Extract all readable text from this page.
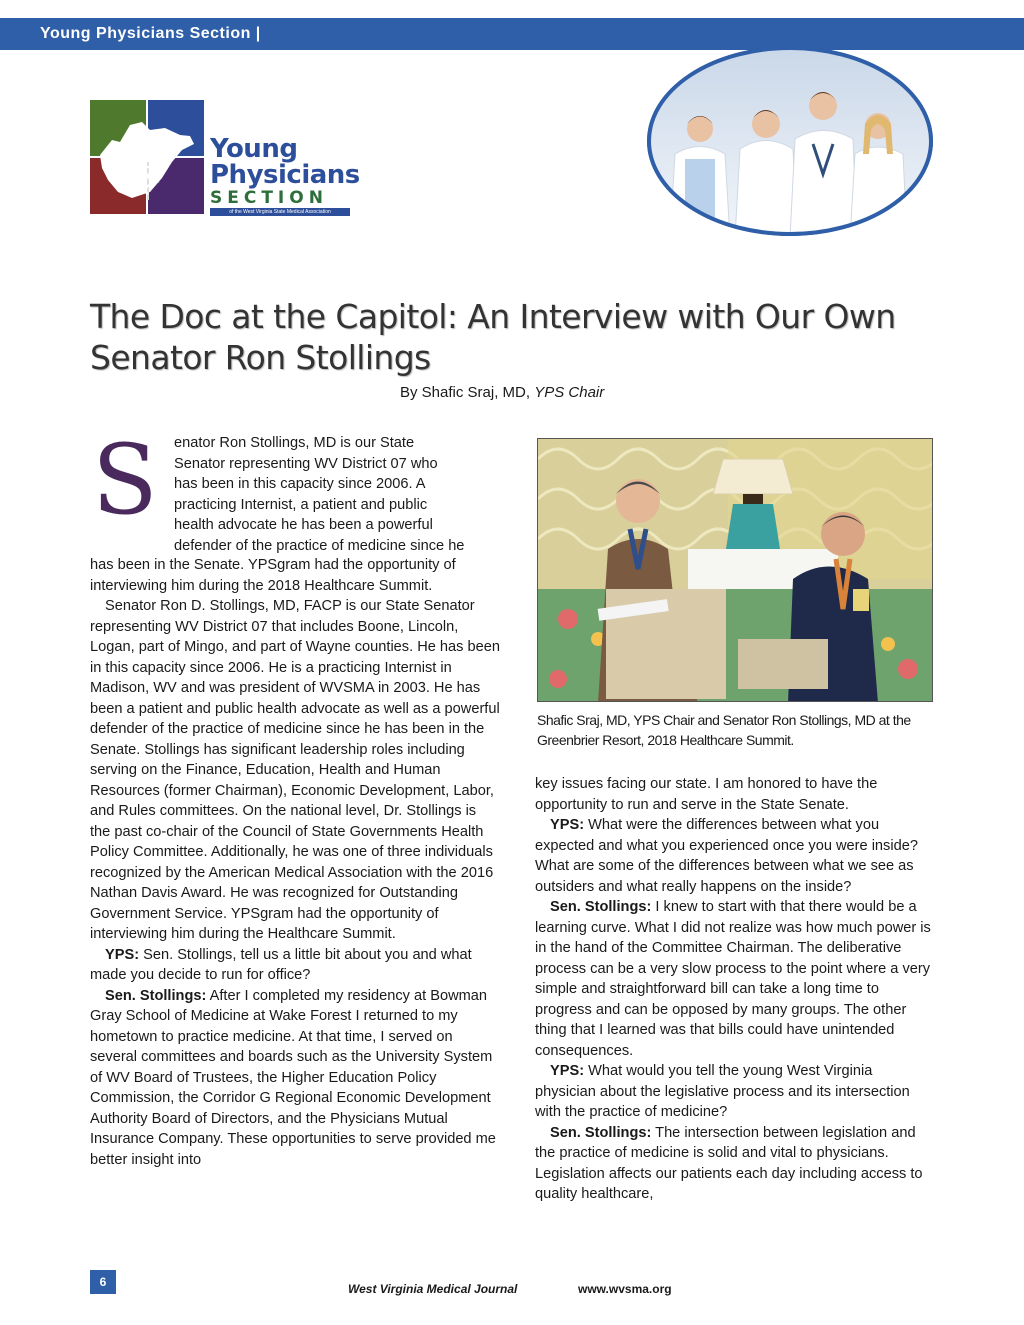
Young Physicians Section |
Young
Physicians
SECTION
of the West Virginia State Medical Association
The Doc at the Capitol: An Interview with Our Own Senator Ron Stollings
By Shafic Sraj, MD, YPS Chair
S enator Ron Stollings, MD is our State
Senator representing WV District 07 who
has been in this capacity since 2006. A
practicing Internist, a patient and public
health advocate he has been a powerful
defender of the practice of medicine since he

has been in the Senate. YPSgram had the opportunity of interviewing him during the 2018 Healthcare Summit.

Senator Ron D. Stollings, MD, FACP is our State Senator representing WV District 07 that includes Boone, Lincoln, Logan, part of Mingo, and part of Wayne counties. He has been in this capacity since 2006. He is a practicing Internist in Madison, WV and was president of WVSMA in 2003. He has been a patient and public health advocate as well as a powerful defender of the practice of medicine since he has been in the Senate. Stollings has significant leadership roles including serving on the Finance, Education, Health and Human Resources (former Chairman), Economic Development, Labor, and Rules committees. On the national level, Dr. Stollings is the past co-chair of the Council of State Governments Health Policy Committee. Additionally, he was one of three individuals recognized by the American Medical Association with the 2016 Nathan Davis Award. He was recognized for Outstanding Government Service. YPSgram had the opportunity of interviewing him during the Healthcare Summit.

YPS: Sen. Stollings, tell us a little bit about you and what made you decide to run for office?

Sen. Stollings: After I completed my residency at Bowman Gray School of Medicine at Wake Forest I returned to my hometown to practice medicine. At that time, I served on several committees and boards such as the University System of WV Board of Trustees, the Higher Education Policy Commission, the Corridor G Regional Economic Development Authority Board of Directors, and the Physicians Mutual Insurance Company. These opportunities to serve provided me better insight into

Shafic Sraj, MD, YPS Chair and Senator Ron Stollings, MD at the Greenbrier Resort, 2018 Healthcare Summit.

key issues facing our state. I am honored to have the opportunity to run and serve in the State Senate.

YPS: What were the differences between what you expected and what you experienced once you were inside? What are some of the differences between what we see as outsiders and what really happens on the inside?

Sen. Stollings: I knew to start with that there would be a learning curve. What I did not realize was how much power is in the hand of the Committee Chairman. The deliberative process can be a very slow process to the point where a very simple and straightforward bill can take a long time to progress and can be opposed by many groups. The other thing that I learned was that bills could have unintended consequences.

YPS: What would you tell the young West Virginia physician about the legislative process and its intersection with the practice of medicine?

Sen. Stollings: The intersection between legislation and the practice of medicine is solid and vital to physicians. Legislation affects our patients each day including access to quality healthcare,

6	West Virginia Medical Journal	www.wvsma.org
